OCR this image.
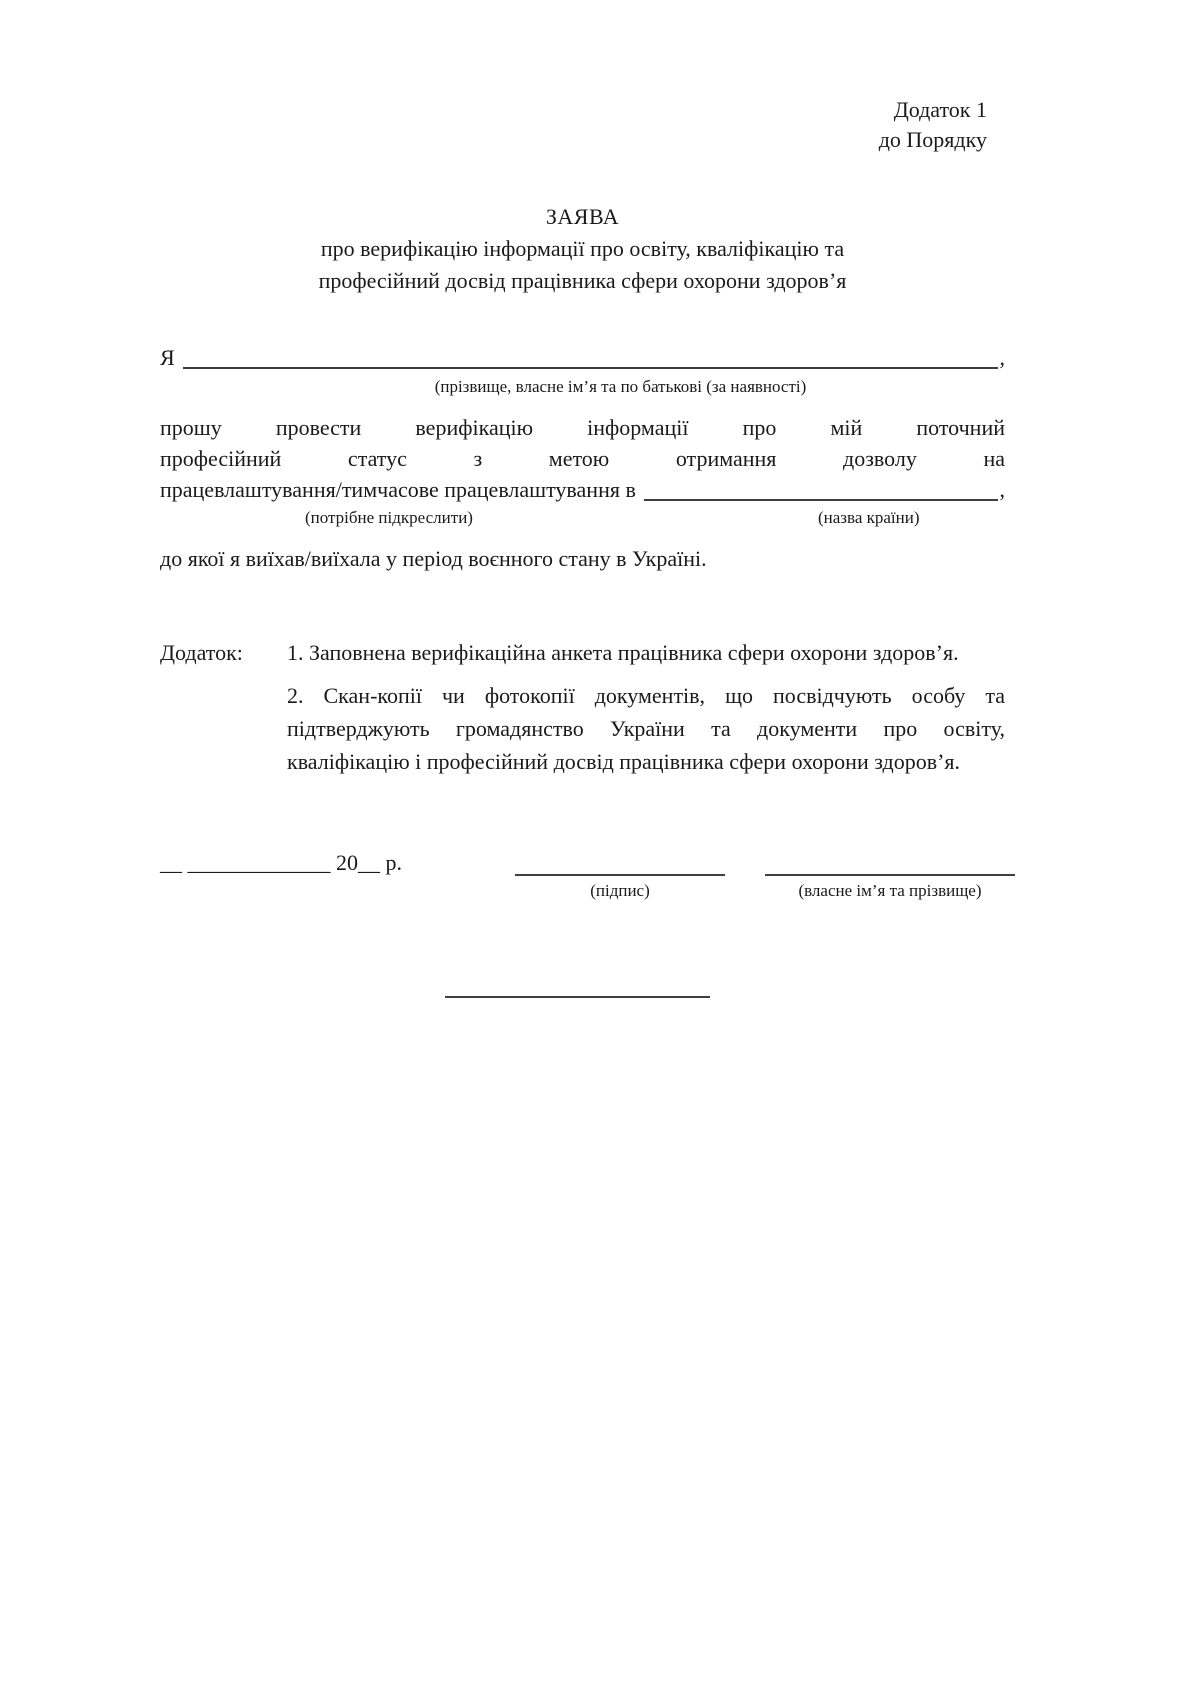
Додаток 1
до Порядку
ЗАЯВА
про верифікацію інформації про освіту, кваліфікацію та
професійний досвід працівника сфери охорони здоров’я
Я	,
(прізвище, власне ім’я та по батькові (за наявності)
прошу провести верифікацію інформації про мій поточний
професійний статус з метою отримання дозволу на
працевлаштування/тимчасове працевлаштування в	,
(потрібне підкреслити)	(назва країни)
до якої я виїхав/виїхала у період воєнного стану в Україні.
Додаток:	1. Заповнена верифікаційна анкета працівника сфери охорони здоров’я.
2. Скан-копії чи фотокопії документів, що посвідчують особу та підтверджують громадянство України та документи про освіту, кваліфікацію і професійний досвід працівника сфери охорони здоров’я.
__ _____________ 20__ р.
(підпис)	(власне ім’я та прізвище)
